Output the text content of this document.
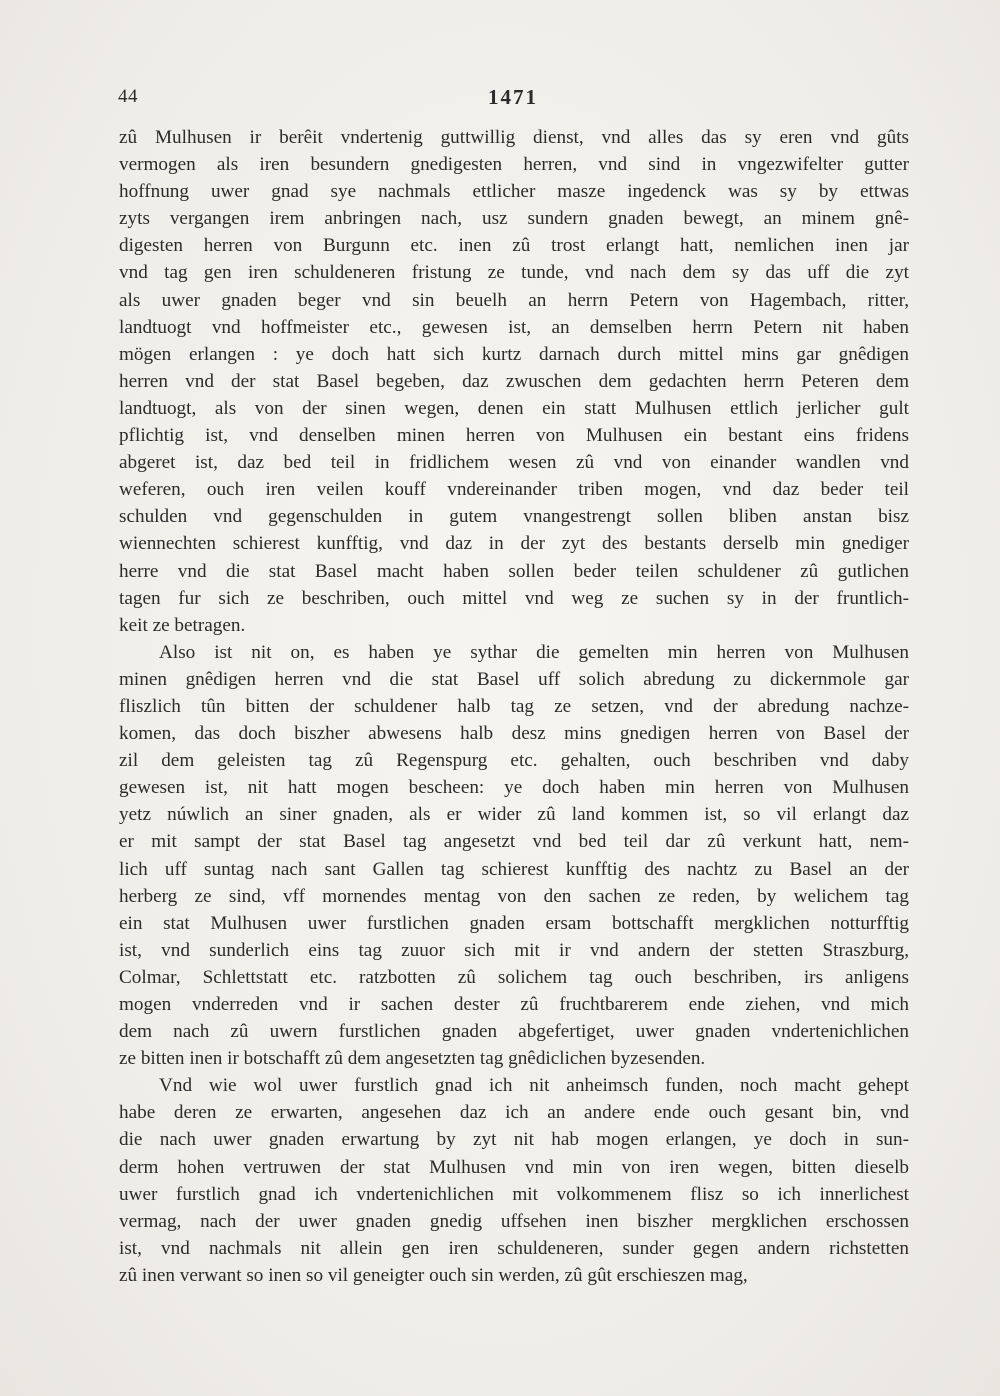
44	1471
zû Mulhusen ir berêit vndertenig guttwillig dienst, vnd alles das sy eren vnd gûts
vermogen als iren besundern gnedigesten herren, vnd sind in vngezwifelter gutter
hoffnung uwer gnad sye nachmals ettlicher masze ingedenck was sy by ettwas
zyts vergangen irem anbringen nach, usz sundern gnaden bewegt, an minem gnê-
digesten herren von Burgunn etc. inen zû trost erlangt hatt, nemlichen inen jar
vnd tag gen iren schuldeneren fristung ze tunde, vnd nach dem sy das uff die zyt
als uwer gnaden beger vnd sin beuelh an herrn Petern von Hagembach, ritter,
landtuogt vnd hoffmeister etc., gewesen ist, an demselben herrn Petern nit haben
mögen erlangen : ye doch hatt sich kurtz darnach durch mittel mins gar gnêdigen
herren vnd der stat Basel begeben, daz zwuschen dem gedachten herrn Peteren dem
landtuogt, als von der sinen wegen, denen ein statt Mulhusen ettlich jerlicher gult
pflichtig ist, vnd denselben minen herren von Mulhusen ein bestant eins fridens
abgeret ist, daz bed teil in fridlichem wesen zû vnd von einander wandlen vnd
weferen, ouch iren veilen kouff vndereinander triben mogen, vnd daz beder teil
schulden vnd gegenschulden in gutem vnangestrengt sollen bliben anstan bisz
wiennechten schierest kunfftig, vnd daz in der zyt des bestants derselb min gnediger
herre vnd die stat Basel macht haben sollen beder teilen schuldener zû gutlichen
tagen fur sich ze beschriben, ouch mittel vnd weg ze suchen sy in der fruntlich-
keit ze betragen.
Also ist nit on, es haben ye sythar die gemelten min herren von Mulhusen
minen gnêdigen herren vnd die stat Basel uff solich abredung zu dickernmole gar
fliszlich tûn bitten der schuldener halb tag ze setzen, vnd der abredung nachze-
komen, das doch biszher abwesens halb desz mins gnedigen herren von Basel der
zil dem geleisten tag zû Regenspurg etc. gehalten, ouch beschriben vnd daby
gewesen ist, nit hatt mogen bescheen: ye doch haben min herren von Mulhusen
yetz núwlich an siner gnaden, als er wider zû land kommen ist, so vil erlangt daz
er mit sampt der stat Basel tag angesetzt vnd bed teil dar zû verkunt hatt, nem-
lich uff suntag nach sant Gallen tag schierest kunfftig des nachtz zu Basel an der
herberg ze sind, vff mornendes mentag von den sachen ze reden, by welichem tag
ein stat Mulhusen uwer furstlichen gnaden ersam bottschafft mergklichen notturfftig
ist, vnd sunderlich eins tag zuuor sich mit ir vnd andern der stetten Straszburg,
Colmar, Schlettstatt etc. ratzbotten zû solichem tag ouch beschriben, irs anligens
mogen vnderreden vnd ir sachen dester zû fruchtbarerem ende ziehen, vnd mich
dem nach zû uwern furstlichen gnaden abgefertiget, uwer gnaden vndertenichlichen
ze bitten inen ir botschafft zû dem angesetzten tag gnêdiclichen byzesenden.
Vnd wie wol uwer furstlich gnad ich nit anheimsch funden, noch macht gehept
habe deren ze erwarten, angesehen daz ich an andere ende ouch gesant bin, vnd
die nach uwer gnaden erwartung by zyt nit hab mogen erlangen, ye doch in sun-
derm hohen vertruwen der stat Mulhusen vnd min von iren wegen, bitten dieselb
uwer furstlich gnad ich vndertenichlichen mit volkommenem flisz so ich innerlichest
vermag, nach der uwer gnaden gnedig uffsehen inen biszher mergklichen erschossen
ist, vnd nachmals nit allein gen iren schuldeneren, sunder gegen andern richstetten
zû inen verwant so inen so vil geneigter ouch sin werden, zû gût erschieszen mag,
